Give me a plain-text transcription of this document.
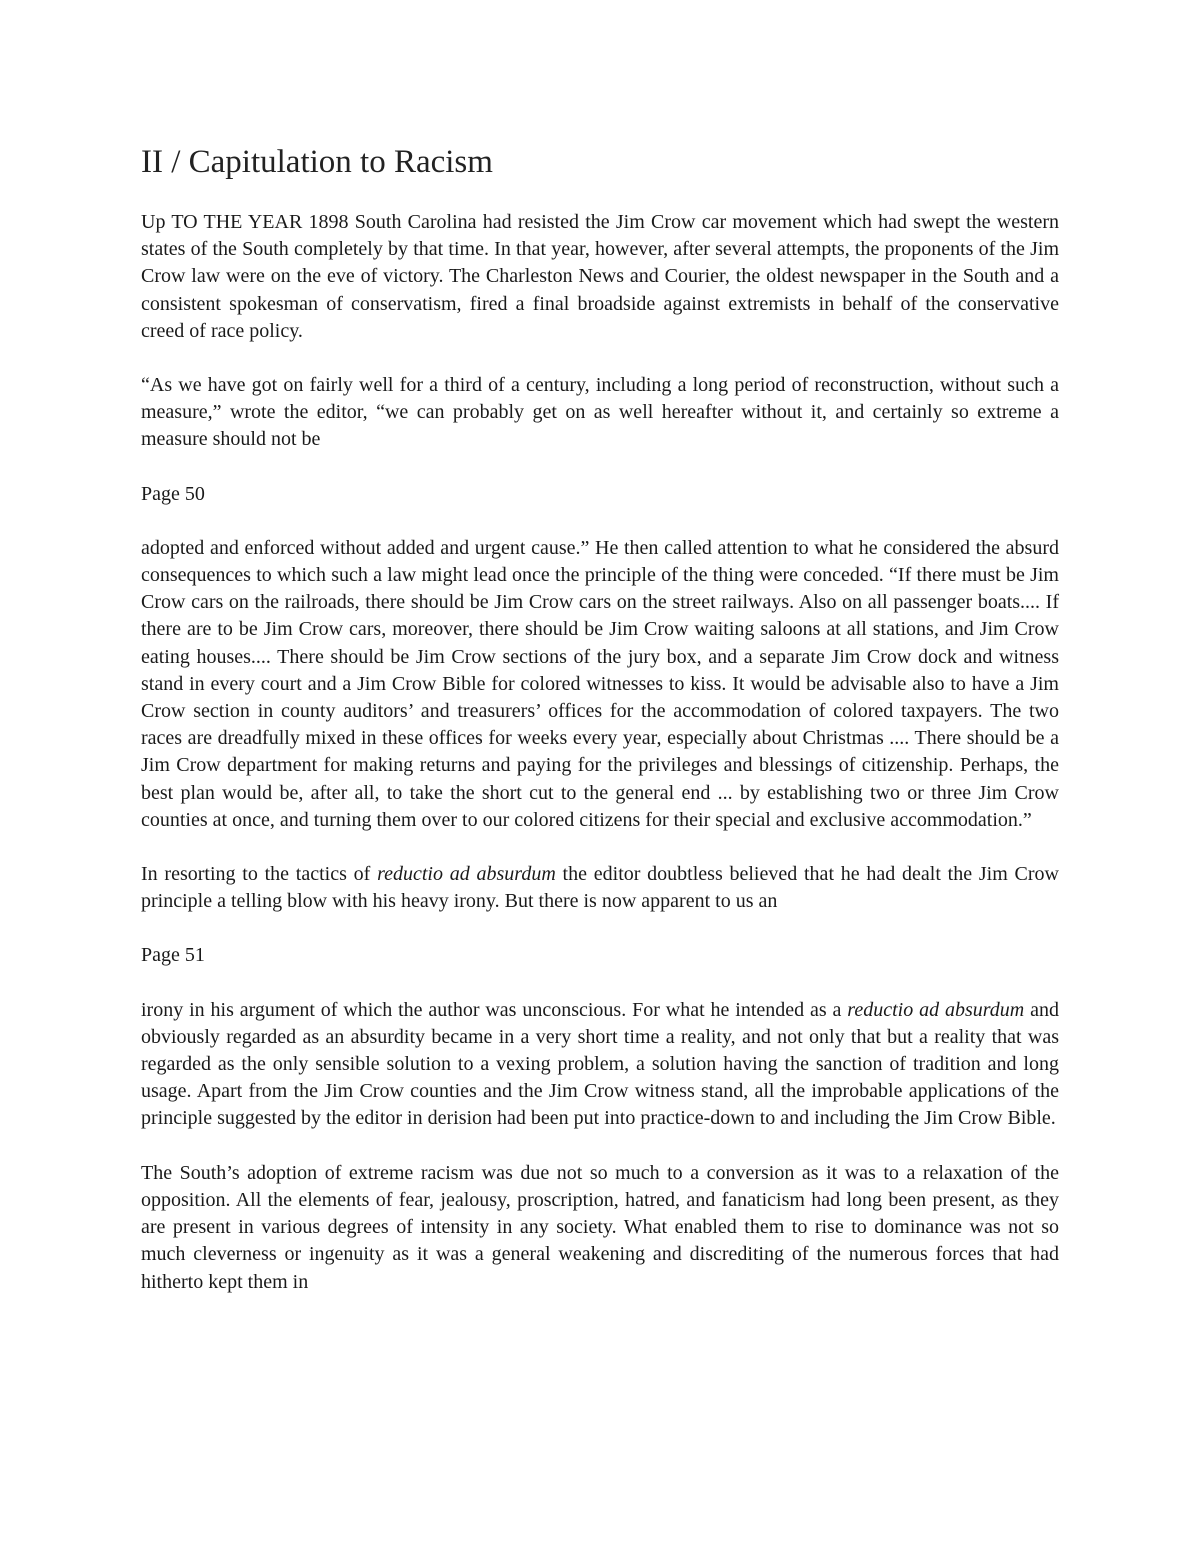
II / Capitulation to Racism

Up TO THE YEAR 1898 South Carolina had resisted the Jim Crow car movement which had swept the western states of the South completely by that time. In that year, however, after several attempts, the proponents of the Jim Crow law were on the eve of victory. The Charleston News and Courier, the oldest newspaper in the South and a consistent spokesman of conservatism, fired a final broadside against extremists in behalf of the conservative creed of race policy.

“As we have got on fairly well for a third of a century, including a long period of reconstruction, without such a measure,” wrote the editor, “we can probably get on as well hereafter without it, and certainly so extreme a measure should not be

Page 50

adopted and enforced without added and urgent cause.” He then called attention to what he considered the absurd consequences to which such a law might lead once the principle of the thing were conceded. “If there must be Jim Crow cars on the railroads, there should be Jim Crow cars on the street railways. Also on all passenger boats.... If there are to be Jim Crow cars, moreover, there should be Jim Crow waiting saloons at all stations, and Jim Crow eating houses.... There should be Jim Crow sections of the jury box, and a separate Jim Crow dock and witness stand in every court and a Jim Crow Bible for colored witnesses to kiss. It would be advisable also to have a Jim Crow section in county auditors’ and treasurers’ offices for the accommodation of colored taxpayers. The two races are dreadfully mixed in these offices for weeks every year, especially about Christmas .... There should be a Jim Crow department for making returns and paying for the privileges and blessings of citizenship. Perhaps, the best plan would be, after all, to take the short cut to the general end ... by establishing two or three Jim Crow counties at once, and turning them over to our colored citizens for their special and exclusive accommodation.”

In resorting to the tactics of reductio ad absurdum the editor doubtless believed that he had dealt the Jim Crow principle a telling blow with his heavy irony. But there is now apparent to us an

Page 51

irony in his argument of which the author was unconscious. For what he intended as a reductio ad absurdum and obviously regarded as an absurdity became in a very short time a reality, and not only that but a reality that was regarded as the only sensible solution to a vexing problem, a solution having the sanction of tradition and long usage. Apart from the Jim Crow counties and the Jim Crow witness stand, all the improbable applications of the principle suggested by the editor in derision had been put into practice-down to and including the Jim Crow Bible.

The South’s adoption of extreme racism was due not so much to a conversion as it was to a relaxation of the opposition. All the elements of fear, jealousy, proscription, hatred, and fanaticism had long been present, as they are present in various degrees of intensity in any society. What enabled them to rise to dominance was not so much cleverness or ingenuity as it was a general weakening and discrediting of the numerous forces that had hitherto kept them in
